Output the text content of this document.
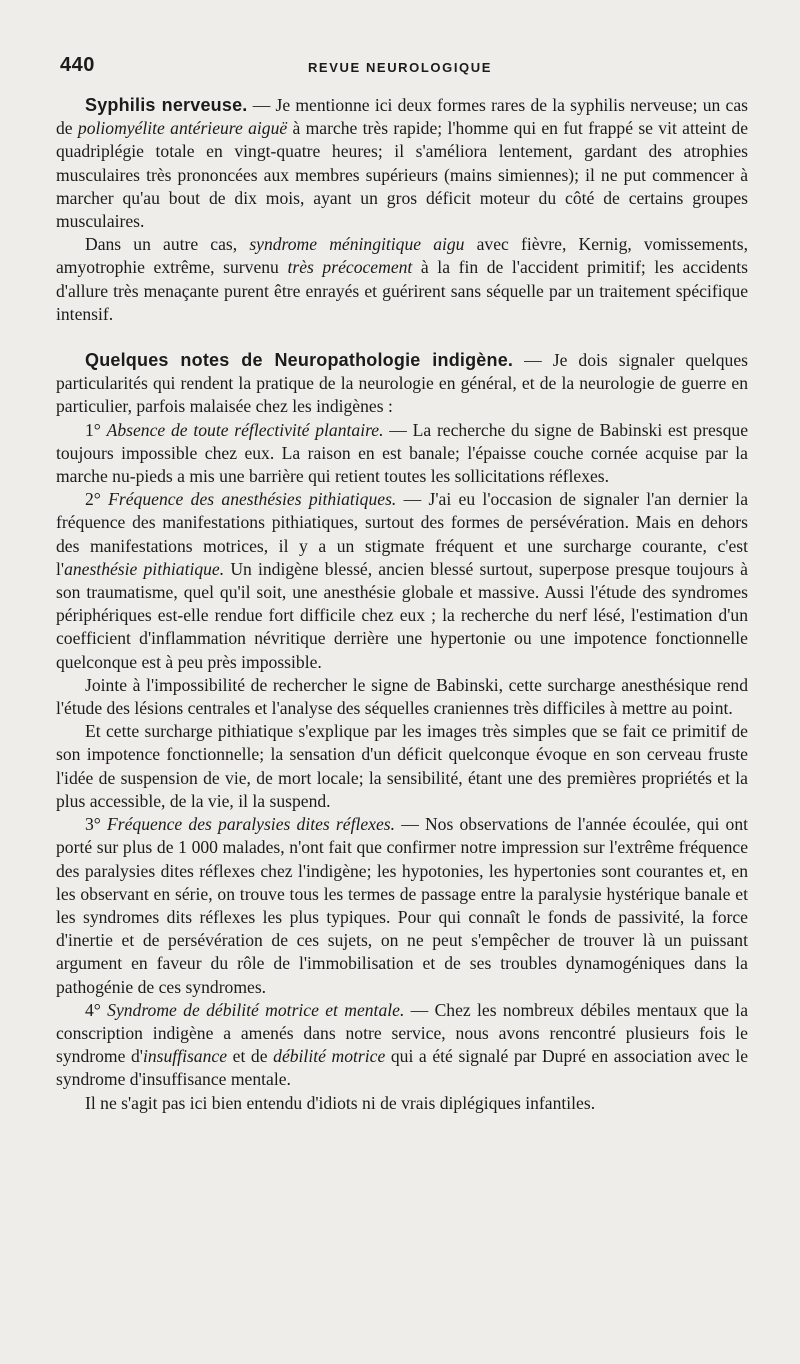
440	REVUE NEUROLOGIQUE

Syphilis nerveuse. — Je mentionne ici deux formes rares de la syphilis nerveuse; un cas de poliomyélite antérieure aiguë à marche très rapide; l'homme qui en fut frappé se vit atteint de quadriplégie totale en vingt-quatre heures; il s'améliora lentement, gardant des atrophies musculaires très prononcées aux membres supérieurs (mains simiennes); il ne put commencer à marcher qu'au bout de dix mois, ayant un gros déficit moteur du côté de certains groupes musculaires.

Dans un autre cas, syndrome méningitique aigu avec fièvre, Kernig, vomissements, amyotrophie extrême, survenu très précocement à la fin de l'accident primitif; les accidents d'allure très menaçante purent être enrayés et guérirent sans séquelle par un traitement spécifique intensif.

Quelques notes de Neuropathologie indigène. — Je dois signaler quelques particularités qui rendent la pratique de la neurologie en général, et de la neurologie de guerre en particulier, parfois malaisée chez les indigènes :

1° Absence de toute réflectivité plantaire. — La recherche du signe de Babinski est presque toujours impossible chez eux. La raison en est banale; l'épaisse couche cornée acquise par la marche nu-pieds a mis une barrière qui retient toutes les sollicitations réflexes.

2° Fréquence des anesthésies pithiatiques. — J'ai eu l'occasion de signaler l'an dernier la fréquence des manifestations pithiatiques, surtout des formes de persévération. Mais en dehors des manifestations motrices, il y a un stigmate fréquent et une surcharge courante, c'est l'anesthésie pithiatique. Un indigène blessé, ancien blessé surtout, superpose presque toujours à son traumatisme, quel qu'il soit, une anesthésie globale et massive. Aussi l'étude des syndromes périphériques est-elle rendue fort difficile chez eux ; la recherche du nerf lésé, l'estimation d'un coefficient d'inflammation névritique derrière une hypertonie ou une impotence fonctionnelle quelconque est à peu près impossible.

Jointe à l'impossibilité de rechercher le signe de Babinski, cette surcharge anesthésique rend l'étude des lésions centrales et l'analyse des séquelles craniennes très difficiles à mettre au point.

Et cette surcharge pithiatique s'explique par les images très simples que se fait ce primitif de son impotence fonctionnelle; la sensation d'un déficit quelconque évoque en son cerveau fruste l'idée de suspension de vie, de mort locale; la sensibilité, étant une des premières propriétés et la plus accessible, de la vie, il la suspend.

3° Fréquence des paralysies dites réflexes. — Nos observations de l'année écoulée, qui ont porté sur plus de 1 000 malades, n'ont fait que confirmer notre impression sur l'extrême fréquence des paralysies dites réflexes chez l'indigène; les hypotonies, les hypertonies sont courantes et, en les observant en série, on trouve tous les termes de passage entre la paralysie hystérique banale et les syndromes dits réflexes les plus typiques. Pour qui connaît le fonds de passivité, la force d'inertie et de persévération de ces sujets, on ne peut s'empêcher de trouver là un puissant argument en faveur du rôle de l'immobilisation et de ses troubles dynamogéniques dans la pathogénie de ces syndromes.

4° Syndrome de débilité motrice et mentale. — Chez les nombreux débiles mentaux que la conscription indigène a amenés dans notre service, nous avons rencontré plusieurs fois le syndrome d'insuffisance et de débilité motrice qui a été signalé par Dupré en association avec le syndrome d'insuffisance mentale.

Il ne s'agit pas ici bien entendu d'idiots ni de vrais diplégiques infantiles.
